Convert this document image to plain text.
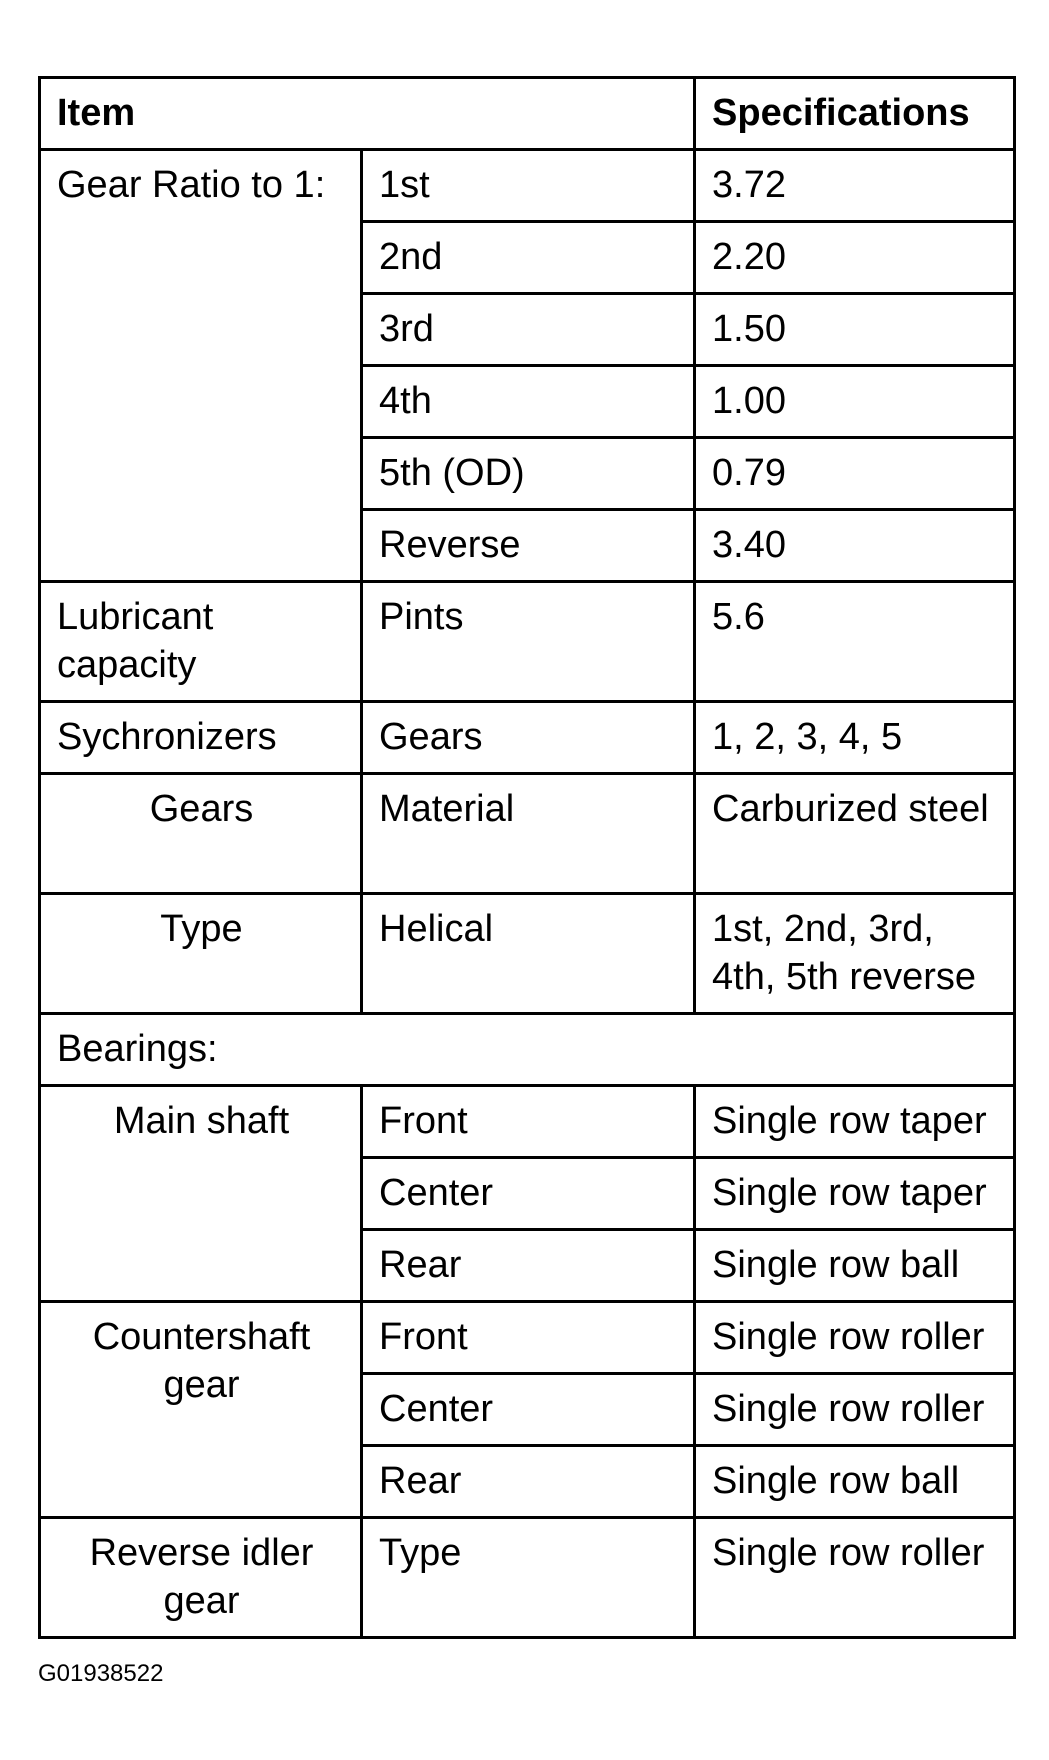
Item		Specifications
Gear Ratio to 1:	1st	3.72
	2nd	2.20
	3rd	1.50
	4th	1.00
	5th (OD)	0.79
	Reverse	3.40
Lubricant capacity	Pints	5.6
Sychronizers	Gears	1, 2, 3, 4, 5
Gears	Material	Carburized steel
Type	Helical	1st, 2nd, 3rd, 4th, 5th reverse
Bearings:		
Main shaft	Front	Single row taper
	Center	Single row taper
	Rear	Single row ball
Countershaft gear	Front	Single row roller
	Center	Single row roller
	Rear	Single row ball
Reverse idler gear	Type	Single row roller
G01938522
